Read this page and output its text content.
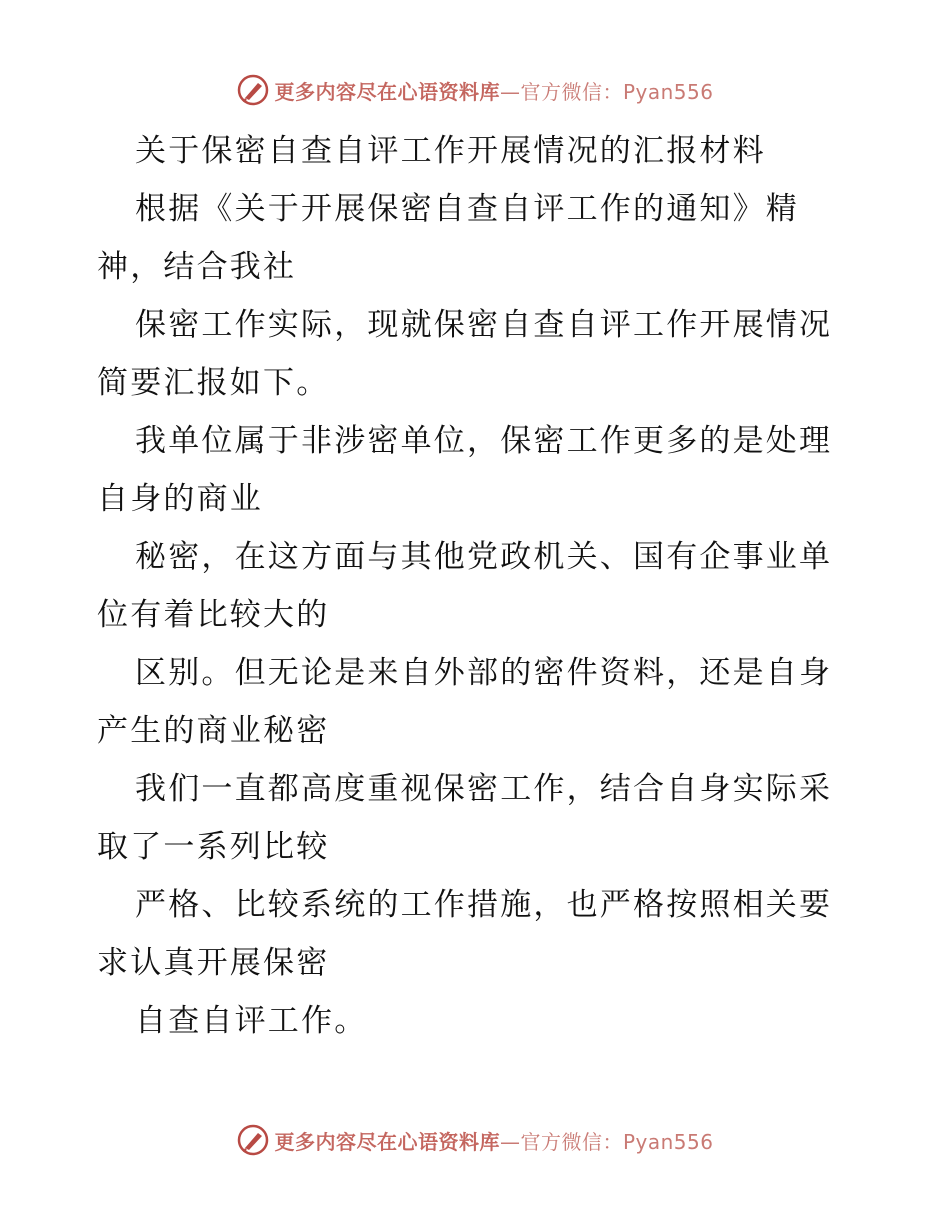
更多内容尽在心语资料库—官方微信：Pyan556
关于保密自查自评工作开展情况的汇报材料
根据《关于开展保密自查自评工作的通知》精
神，结合我社
保密工作实际，现就保密自查自评工作开展情况
简要汇报如下。
我单位属于非涉密单位，保密工作更多的是处理
自身的商业
秘密，在这方面与其他党政机关、国有企事业单
位有着比较大的
区别。但无论是来自外部的密件资料，还是自身
产生的商业秘密
我们一直都高度重视保密工作，结合自身实际采
取了一系列比较
严格、比较系统的工作措施，也严格按照相关要
求认真开展保密
自查自评工作。
更多内容尽在心语资料库—官方微信：Pyan556
